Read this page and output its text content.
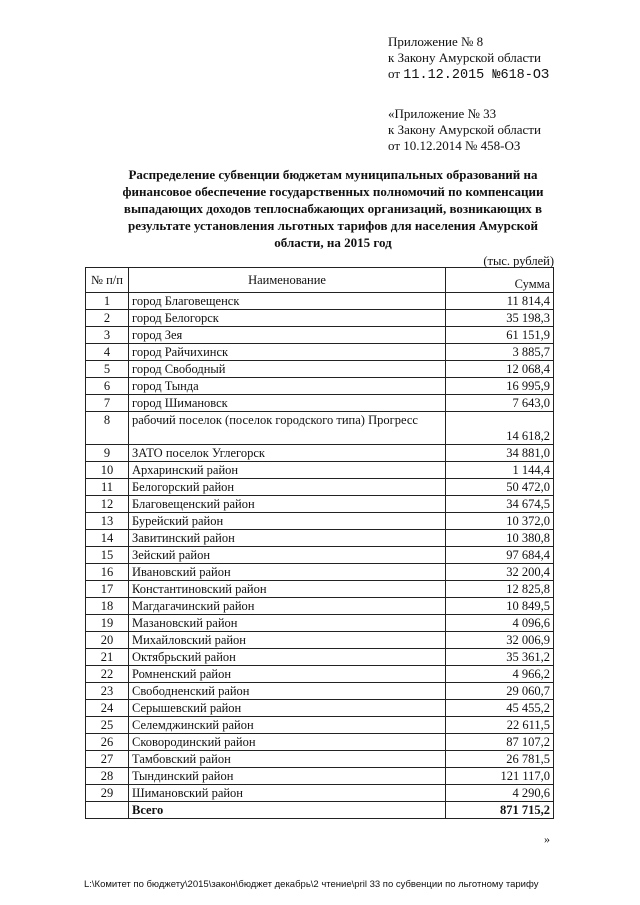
Приложение № 8
к Закону Амурской области
от 11.12.2015 №618-ОЗ
«Приложение № 33
к Закону Амурской области
от 10.12.2014 № 458-ОЗ
Распределение субвенции бюджетам муниципальных образований на финансовое обеспечение государственных полномочий по компенсации выпадающих доходов теплоснабжающих организаций, возникающих в результате установления льготных тарифов для населения Амурской области, на 2015 год
(тыс. рублей)
№ п/п	Наименование	Сумма
1	город Благовещенск	11 814,4
2	город Белогорск	35 198,3
3	город Зея	61 151,9
4	город Райчихинск	3 885,7
5	город Свободный	12 068,4
6	город Тында	16 995,9
7	город Шимановск	7 643,0
8	рабочий поселок (поселок городского типа) Прогресс	14 618,2
9	ЗАТО поселок Углегорск	34 881,0
10	Архаринский район	1 144,4
11	Белогорский район	50 472,0
12	Благовещенский район	34 674,5
13	Бурейский район	10 372,0
14	Завитинский район	10 380,8
15	Зейский район	97 684,4
16	Ивановский район	32 200,4
17	Константиновский район	12 825,8
18	Магдагачинский район	10 849,5
19	Мазановский район	4 096,6
20	Михайловский район	32 006,9
21	Октябрьский район	35 361,2
22	Ромненский район	4 966,2
23	Свободненский район	29 060,7
24	Серышевский район	45 455,2
25	Селемджинский район	22 611,5
26	Сковородинский район	87 107,2
27	Тамбовский район	26 781,5
28	Тындинский район	121 117,0
29	Шимановский район	4 290,6
	Всего	871 715,2
»
L:\Комитет по бюджету\2015\закон\бюджет декабрь\2 чтение\pril 33 по субвенции по льготному тарифу
